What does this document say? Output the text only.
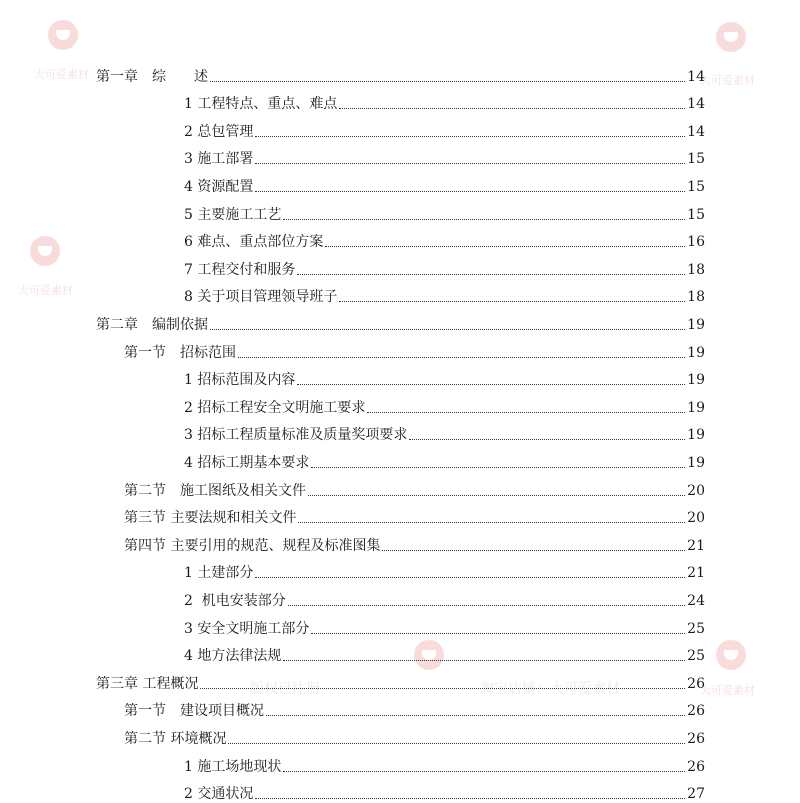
大可爱素材	大可爱素材
大可爱素材
大可爱素材
版权已注册	淘宝店铺：大可爱素材
第一章　综　　述	14
1 工程特点、重点、难点	14
2 总包管理	14
3 施工部署	15
4 资源配置	15
5 主要施工工艺	15
6 难点、重点部位方案	16
7 工程交付和服务	18
8 关于项目管理领导班子	18
第二章　编制依据	19
第一节　招标范围	19
1 招标范围及内容	19
2 招标工程安全文明施工要求	19
3 招标工程质量标准及质量奖项要求	19
4 招标工期基本要求	19
第二节　施工图纸及相关文件	20
第三节 主要法规和相关文件	20
第四节 主要引用的规范、规程及标准图集	21
1 土建部分	21
2  机电安装部分	24
3 安全文明施工部分	25
4 地方法律法规	25
第三章 工程概况	26
第一节　建设项目概况	26
第二节 环境概况	26
1 施工场地现状	26
2 交通状况	27
